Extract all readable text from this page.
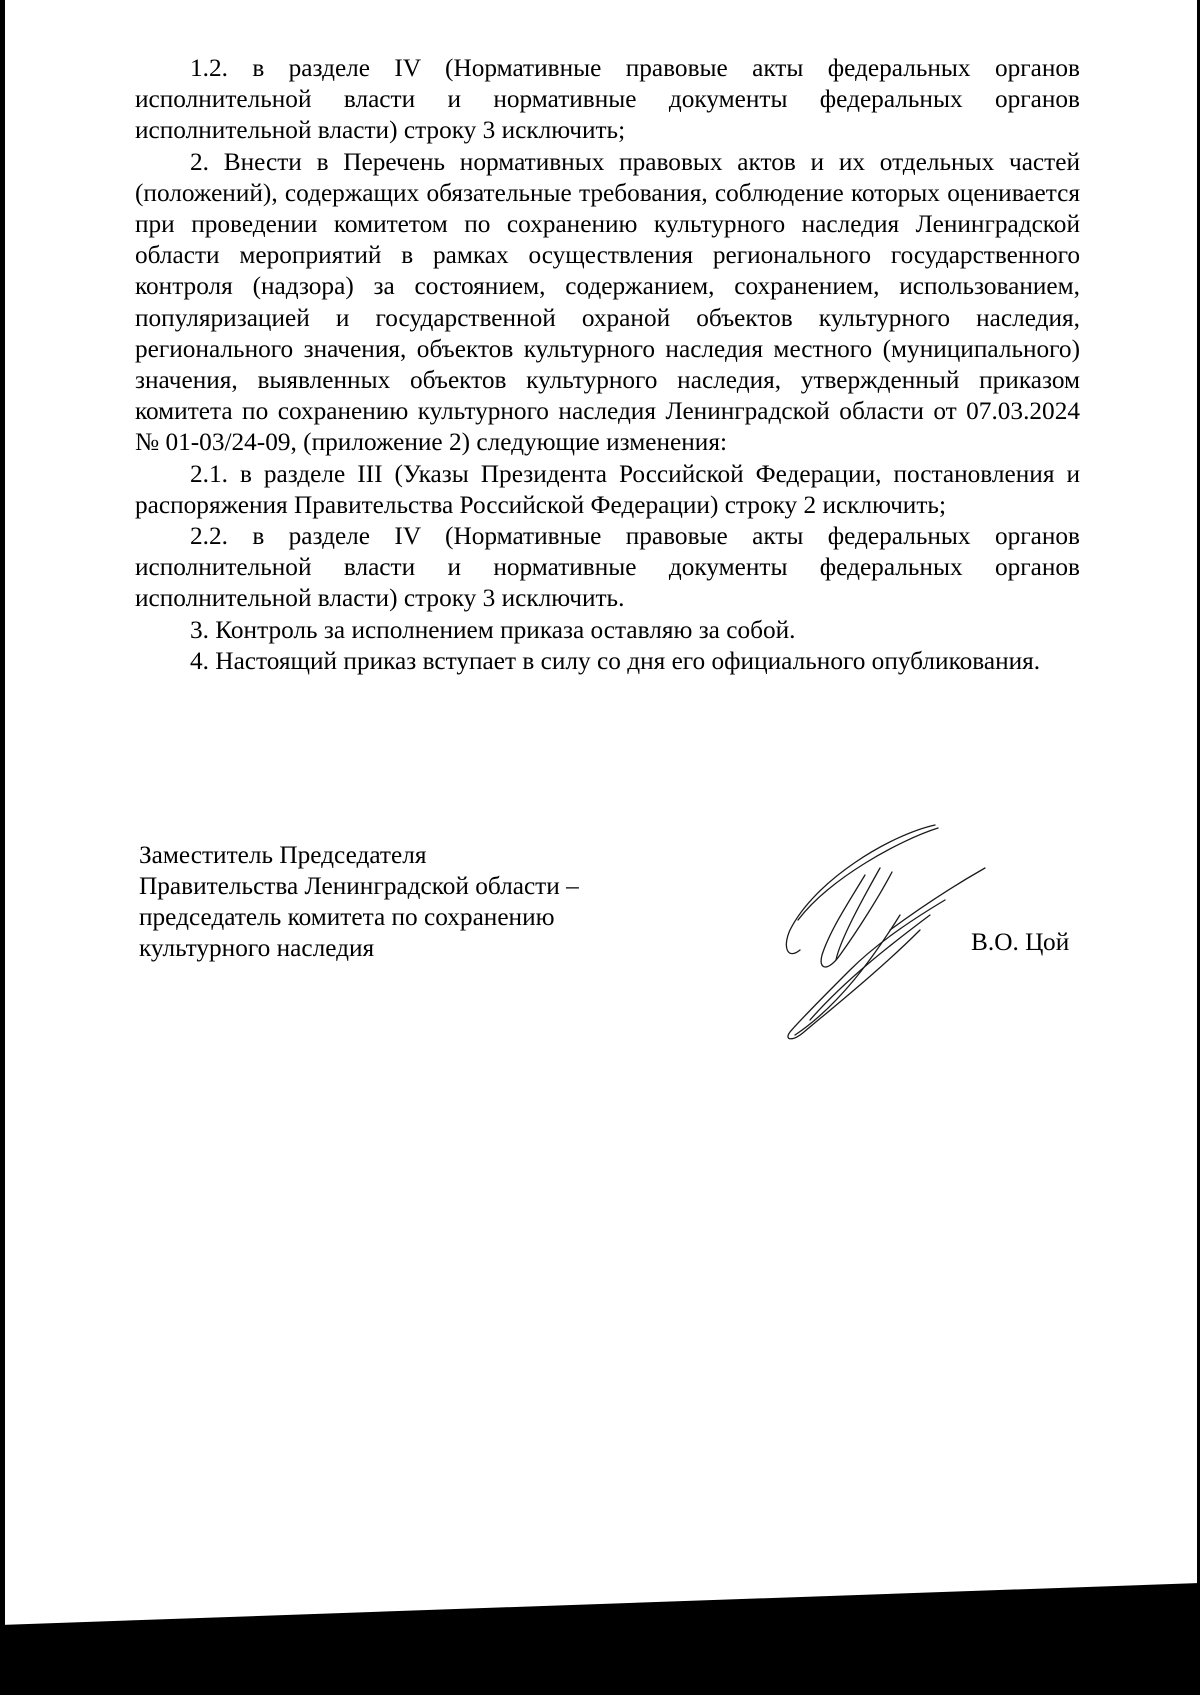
1.2. в разделе IV (Нормативные правовые акты федеральных органов исполнительной власти и нормативные документы федеральных органов исполнительной власти) строку 3 исключить;

2. Внести в Перечень нормативных правовых актов и их отдельных частей (положений), содержащих обязательные требования, соблюдение которых оценивается при проведении комитетом по сохранению культурного наследия Ленинградской области мероприятий в рамках осуществления регионального государственного контроля (надзора) за состоянием, содержанием, сохранением, использованием, популяризацией и государственной охраной объектов культурного наследия, регионального значения, объектов культурного наследия местного (муниципального) значения, выявленных объектов культурного наследия, утвержденный приказом комитета по сохранению культурного наследия Ленинградской области от 07.03.2024 № 01-03/24-09, (приложение 2) следующие изменения:

2.1. в разделе III (Указы Президента Российской Федерации, постановления и распоряжения Правительства Российской Федерации) строку 2 исключить;

2.2. в разделе IV (Нормативные правовые акты федеральных органов исполнительной власти и нормативные документы федеральных органов исполнительной власти) строку 3 исключить.

3. Контроль за исполнением приказа оставляю за собой.

4. Настоящий приказ вступает в силу со дня его официального опубликования.

Заместитель Председателя
Правительства Ленинградской области –
председатель комитета по сохранению
культурного наследия	В.О. Цой
